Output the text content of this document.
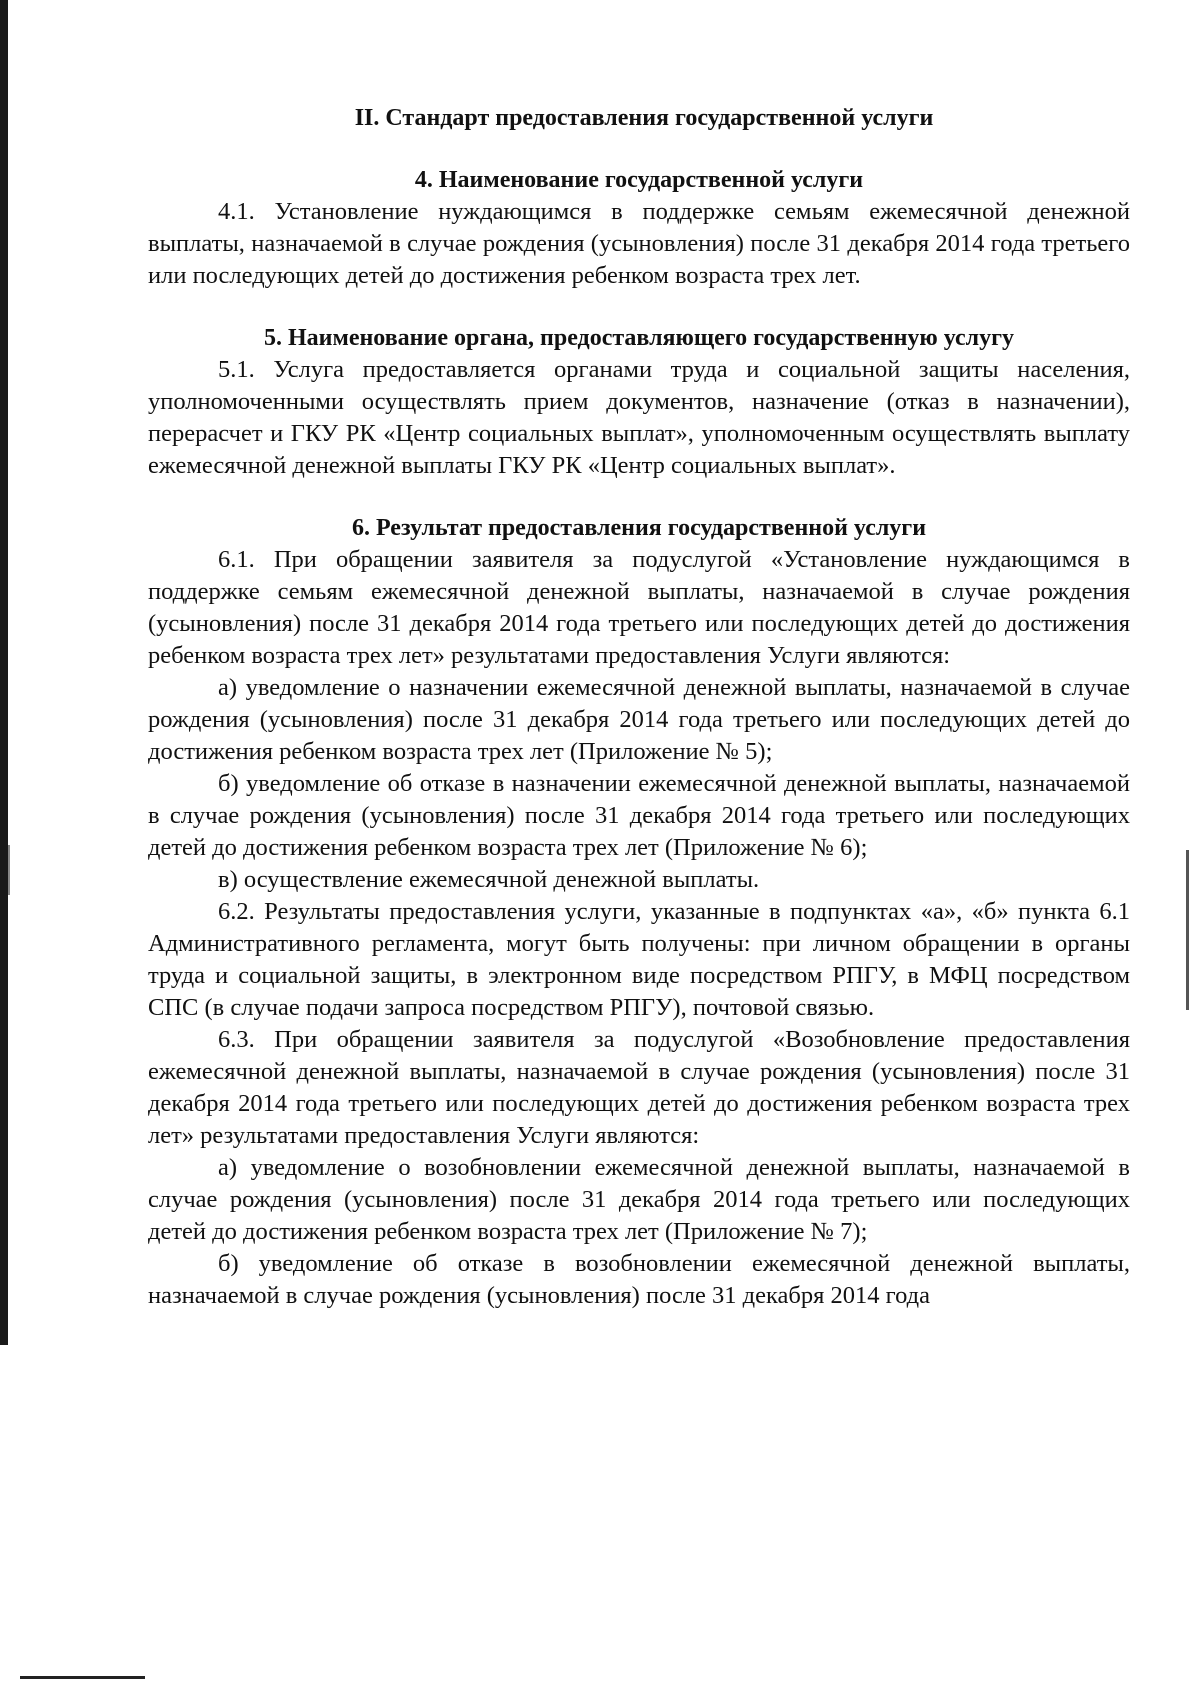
II. Стандарт предоставления государственной услуги
4. Наименование государственной услуги

4.1. Установление нуждающимся в поддержке семьям ежемесячной денежной выплаты, назначаемой в случае рождения (усыновления) после 31 декабря 2014 года третьего или последующих детей до достижения ребенком возраста трех лет.

5. Наименование органа, предоставляющего государственную услугу

5.1. Услуга предоставляется органами труда и социальной защиты населения, уполномоченными осуществлять прием документов, назначение (отказ в назначении), перерасчет и ГКУ РК «Центр социальных выплат», уполномоченным осуществлять выплату ежемесячной денежной выплаты ГКУ РК «Центр социальных выплат».

6. Результат предоставления государственной услуги

6.1. При обращении заявителя за подуслугой «Установление нуждающимся в поддержке семьям ежемесячной денежной выплаты, назначаемой в случае рождения (усыновления) после 31 декабря 2014 года третьего или последующих детей до достижения ребенком возраста трех лет» результатами предоставления Услуги являются:

а) уведомление о назначении ежемесячной денежной выплаты, назначаемой в случае рождения (усыновления) после 31 декабря 2014 года третьего или последующих детей до достижения ребенком возраста трех лет (Приложение № 5);

б) уведомление об отказе в назначении ежемесячной денежной выплаты, назначаемой в случае рождения (усыновления) после 31 декабря 2014 года третьего или последующих детей до достижения ребенком возраста трех лет (Приложение № 6);

в) осуществление ежемесячной денежной выплаты.

6.2. Результаты предоставления услуги, указанные в подпунктах «а», «б» пункта 6.1 Административного регламента, могут быть получены: при личном обращении в органы труда и социальной защиты, в электронном виде посредством РПГУ, в МФЦ посредством СПС (в случае подачи запроса посредством РПГУ), почтовой связью.

6.3. При обращении заявителя за подуслугой «Возобновление предоставления ежемесячной денежной выплаты, назначаемой в случае рождения (усыновления) после 31 декабря 2014 года третьего или последующих детей до достижения ребенком возраста трех лет» результатами предоставления Услуги являются:

а) уведомление о возобновлении ежемесячной денежной выплаты, назначаемой в случае рождения (усыновления) после 31 декабря 2014 года третьего или последующих детей до достижения ребенком возраста трех лет (Приложение № 7);

б) уведомление об отказе в возобновлении ежемесячной денежной выплаты, назначаемой в случае рождения (усыновления) после 31 декабря 2014 года
